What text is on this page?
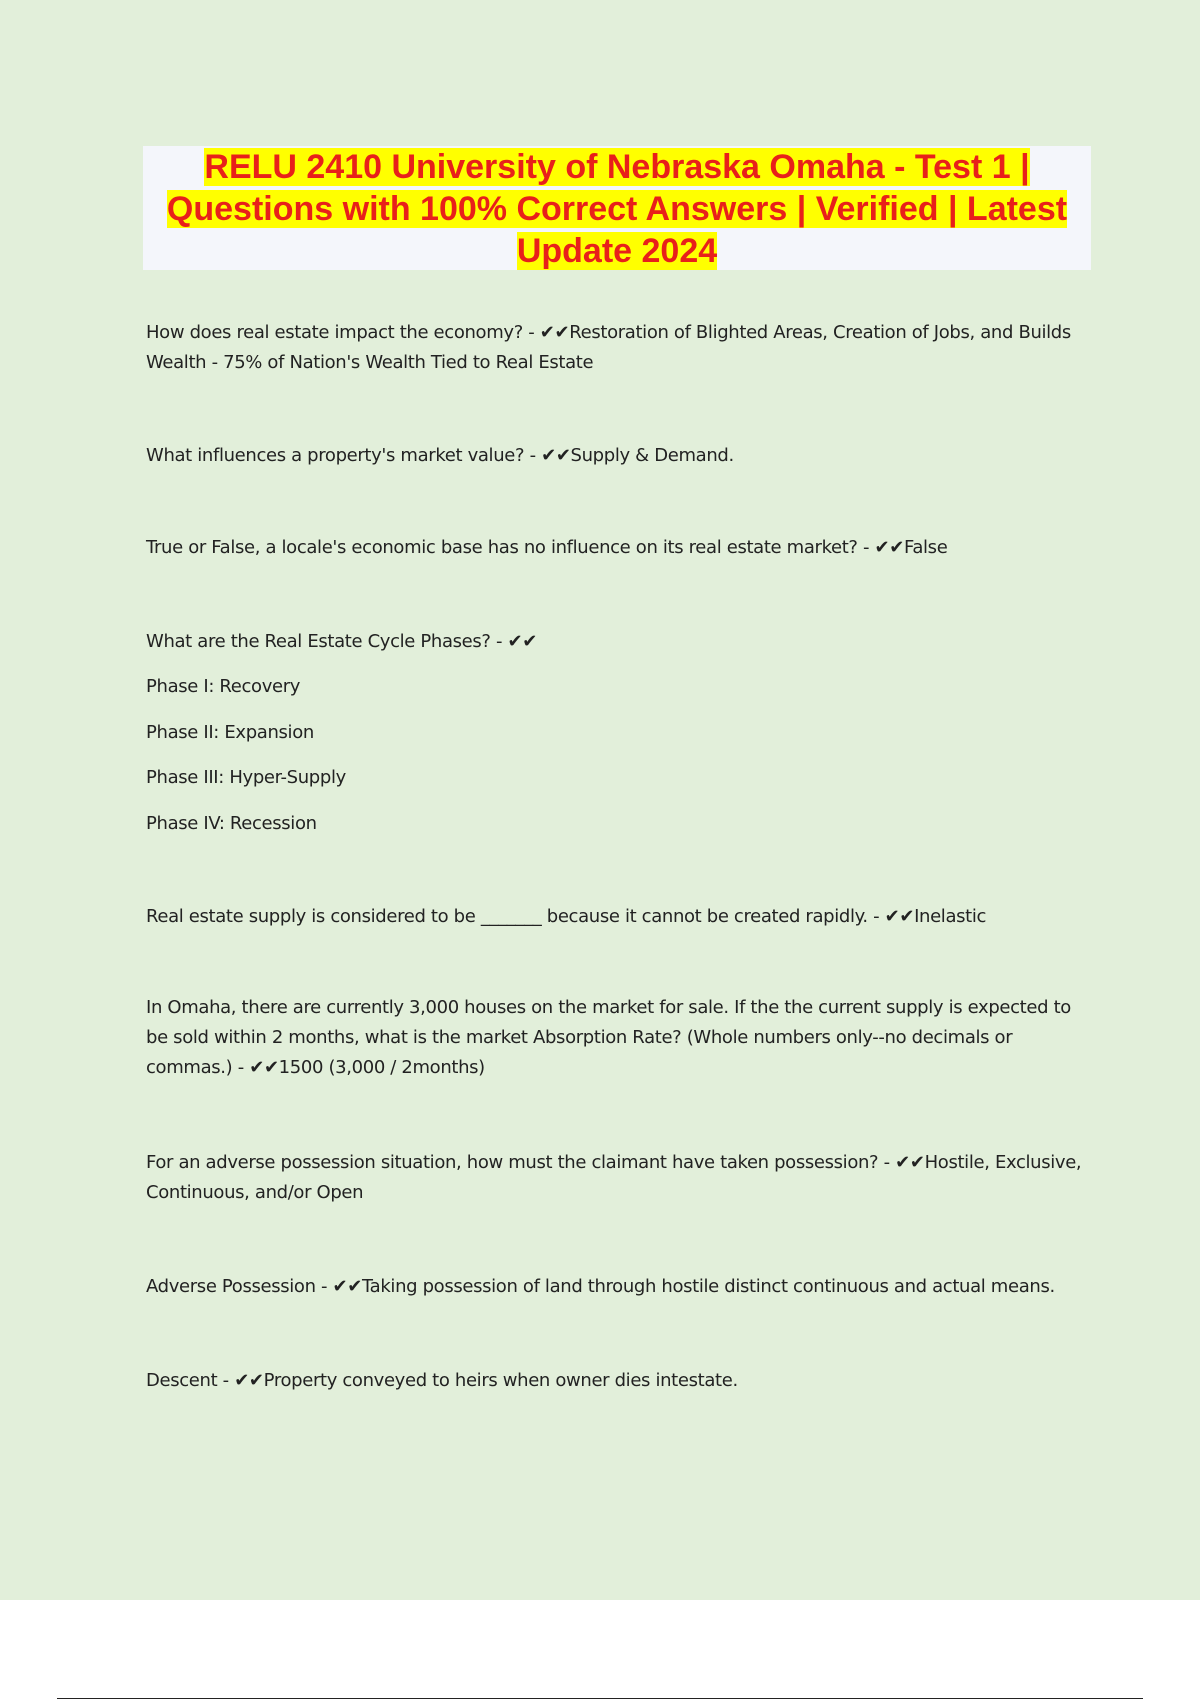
RELU 2410 University of Nebraska Omaha - Test 1 | Questions with 100% Correct Answers | Verified | Latest Update 2024
How does real estate impact the economy? - ✔✔Restoration of Blighted Areas, Creation of Jobs, and Builds Wealth - 75% of Nation's Wealth Tied to Real Estate
What influences a property's market value? - ✔✔Supply & Demand.
True or False, a locale's economic base has no influence on its real estate market? - ✔✔False
What are the Real Estate Cycle Phases? - ✔✔
Phase I: Recovery
Phase II: Expansion
Phase III: Hyper-Supply
Phase IV: Recession
Real estate supply is considered to be _______ because it cannot be created rapidly. - ✔✔Inelastic
In Omaha, there are currently 3,000 houses on the market for sale. If the the current supply is expected to be sold within 2 months, what is the market Absorption Rate? (Whole numbers only--no decimals or commas.) - ✔✔1500 (3,000 / 2months)
For an adverse possession situation, how must the claimant have taken possession? - ✔✔Hostile, Exclusive, Continuous, and/or Open
Adverse Possession - ✔✔Taking possession of land through hostile distinct continuous and actual means.
Descent - ✔✔Property conveyed to heirs when owner dies intestate.
